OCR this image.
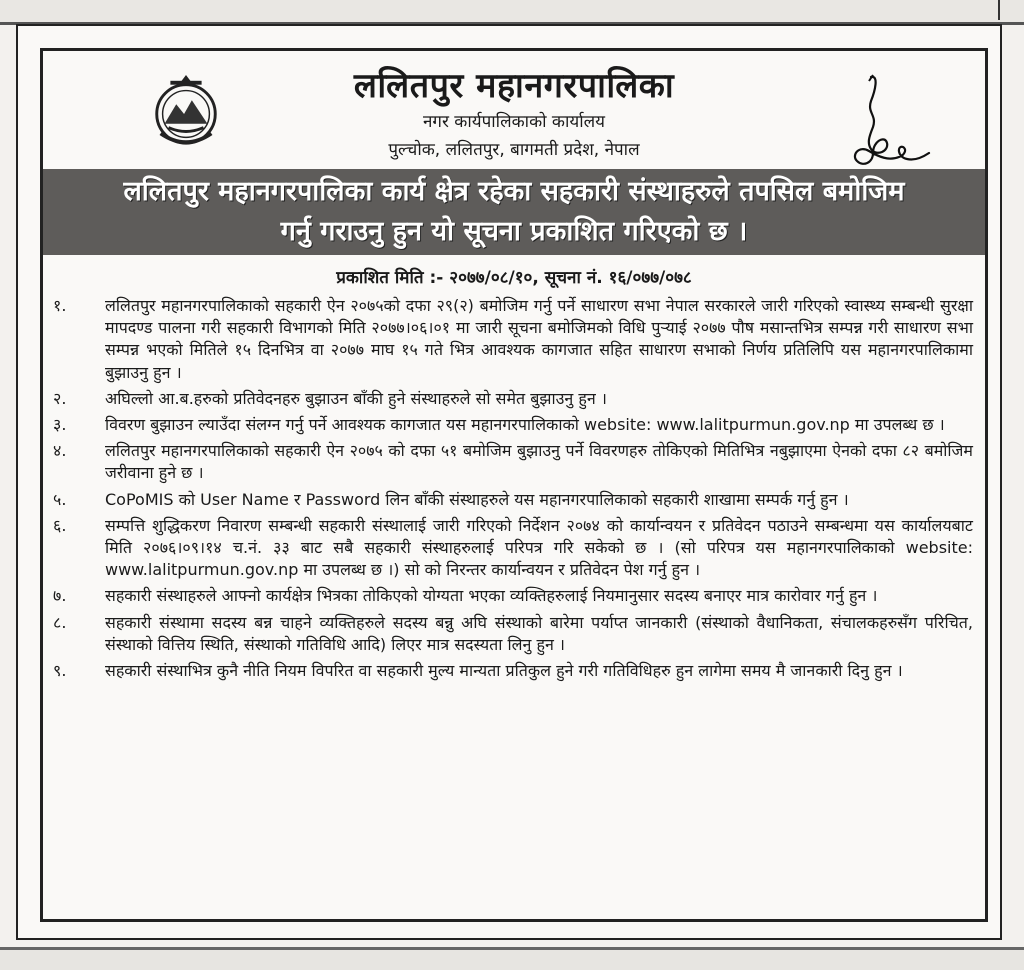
ललितपुर महानगरपालिका
नगर कार्यपालिकाको कार्यालय
पुल्चोक, ललितपुर, बागमती प्रदेश, नेपाल
ललितपुर महानगरपालिका कार्य क्षेत्र रहेका सहकारी संस्थाहरुले तपसिल बमोजिम
गर्नु गराउनु हुन यो सूचना प्रकाशित गरिएको छ ।
प्रकाशित मिति :- २०७७/०८/१०, सूचना नं. १६/०७७/०७८
१.	ललितपुर महानगरपालिकाको सहकारी ऐन २०७५को दफा २९(२) बमोजिम गर्नु पर्ने साधारण सभा नेपाल सरकारले जारी गरिएको स्वास्थ्य सम्बन्धी सुरक्षा मापदण्ड पालना गरी सहकारी विभागको मिति २०७७।०६।०१ मा जारी सूचना बमोजिमको विधि पुर्‍याई २०७७ पौष मसान्तभित्र सम्पन्न गरी साधारण सभा सम्पन्न भएको मितिले १५ दिनभित्र वा २०७७ माघ १५ गते भित्र आवश्यक कागजात सहित साधारण सभाको निर्णय प्रतिलिपि यस महानगरपालिकामा बुझाउनु हुन ।
२.	अघिल्लो आ.ब.हरुको प्रतिवेदनहरु बुझाउन बाँकी हुने संस्थाहरुले सो समेत बुझाउनु हुन ।
३.	विवरण बुझाउन ल्याउँदा संलग्न गर्नु पर्ने आवश्यक कागजात यस महानगरपालिकाको website: www.lalitpurmun.gov.np मा उपलब्ध छ ।
४.	ललितपुर महानगरपालिकाको सहकारी ऐन २०७५ को दफा ५१ बमोजिम बुझाउनु पर्ने विवरणहरु तोकिएको मितिभित्र नबुझाएमा ऐनको दफा ८२ बमोजिम जरीवाना हुने छ ।
५.	CoPoMIS को User Name र Password लिन बाँकी संस्थाहरुले यस महानगरपालिकाको सहकारी शाखामा सम्पर्क गर्नु हुन ।
६.	सम्पत्ति शुद्धिकरण निवारण सम्बन्धी सहकारी संस्थालाई जारी गरिएको निर्देशन २०७४ को कार्यान्वयन र प्रतिवेदन पठाउने सम्बन्धमा यस कार्यालयबाट मिति २०७६।०९।१४ च.नं. ३३ बाट सबै सहकारी संस्थाहरुलाई परिपत्र गरि सकेको छ । (सो परिपत्र यस महानगरपालिकाको website: www.lalitpurmun.gov.np मा उपलब्ध छ ।) सो को निरन्तर कार्यान्वयन र प्रतिवेदन पेश गर्नु हुन ।
७.	सहकारी संस्थाहरुले आफ्नो कार्यक्षेत्र भित्रका तोकिएको योग्यता भएका व्यक्तिहरुलाई नियमानुसार सदस्य बनाएर मात्र कारोवार गर्नु हुन ।
८.	सहकारी संस्थामा सदस्य बन्न चाहने व्यक्तिहरुले सदस्य बन्नु अघि संस्थाको बारेमा पर्याप्त जानकारी (संस्थाको वैधानिकता, संचालकहरुसँग परिचित, संस्थाको वित्तिय स्थिति, संस्थाको गतिविधि आदि) लिएर मात्र सदस्यता लिनु हुन ।
९.	सहकारी संस्थाभित्र कुनै नीति नियम विपरित वा सहकारी मुल्य मान्यता प्रतिकुल हुने गरी गतिविधिहरु हुन लागेमा समय मै जानकारी दिनु हुन ।
